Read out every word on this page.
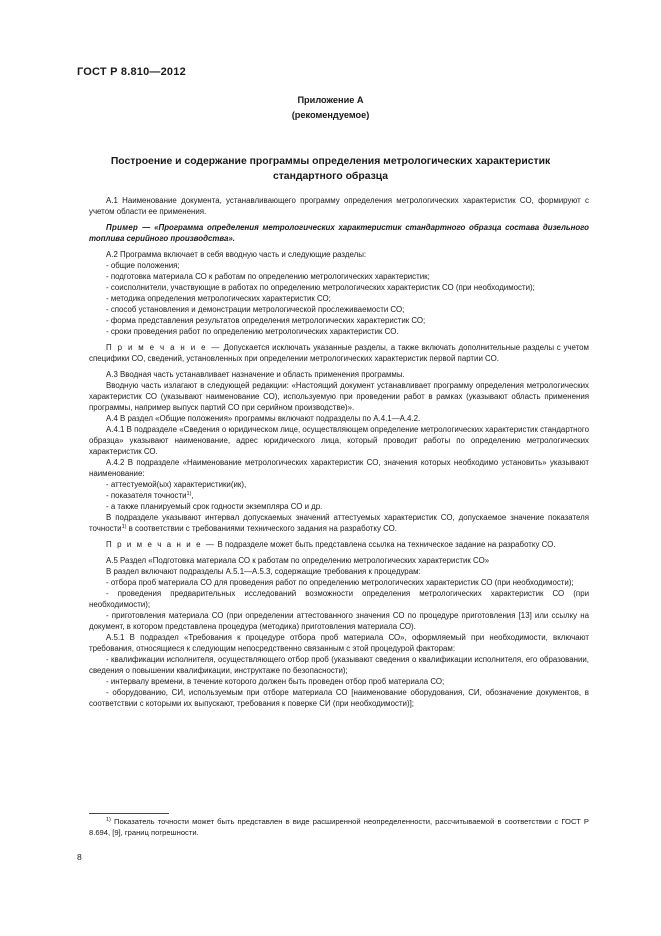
ГОСТ Р 8.810—2012
Приложение А
(рекомендуемое)
Построение и содержание программы определения метрологических характеристик стандартного образца

А.1 Наименование документа, устанавливающего программу определения метрологических характеристик СО, формируют с учетом области ее применения.

Пример — «Программа определения метрологических характеристик стандартного образца состава дизельного топлива серийного производства».

А.2 Программа включает в себя вводную часть и следующие разделы:

- общие положения;

- подготовка материала СО к работам по определению метрологических характеристик;

- соисполнители, участвующие в работах по определению метрологических характеристик СО (при необходимости);

- методика определения метрологических характеристик СО;

- способ установления и демонстрации метрологической прослеживаемости СО;

- форма представления результатов определения метрологических характеристик СО;

- сроки проведения работ по определению метрологических характеристик СО.

П р и м е ч а н и е — Допускается исключать указанные разделы, а также включать дополнительные разделы с учетом специфики СО, сведений, установленных при определении метрологических характеристик первой партии СО.

А.3 Вводная часть устанавливает назначение и область применения программы.

Вводную часть излагают в следующей редакции: «Настоящий документ устанавливает программу определения метрологических характеристик СО (указывают наименование СО), используемую при проведении работ в рамках (указывают область применения программы, например выпуск партий СО при серийном производстве)».

А.4 В раздел «Общие положения» программы включают подразделы по А.4.1—А.4.2.

А.4.1 В подразделе «Сведения о юридическом лице, осуществляющем определение метрологических характеристик стандартного образца» указывают наименование, адрес юридического лица, который проводит работы по определению метрологических характеристик СО.

А.4.2 В подразделе «Наименование метрологических характеристик СО, значения которых необходимо установить» указывают наименование:

- аттестуемой(ых) характеристики(ик),

- показателя точности$^{1)}$,

- а также планируемый срок годности экземпляра СО и др.

В подразделе указывают интервал допускаемых значений аттестуемых характеристик СО, допускаемое значение показателя точности$^{1)}$ в соответствии с требованиями технического задания на разработку СО.

П р и м е ч а н и е — В подразделе может быть представлена ссылка на техническое задание на разработку СО.

А.5 Раздел «Подготовка материала СО к работам по определению метрологических характеристик СО»

В раздел включают подразделы А.5.1—А.5.3, содержащие требования к процедурам:

- отбора проб материала СО для проведения работ по определению метрологических характеристик СО (при необходимости);

- проведения предварительных исследований возможности определения метрологических характеристик СО (при необходимости);

- приготовления материала СО (при определении аттестованного значения СО по процедуре приготовления [13] или ссылку на документ, в котором представлена процедура (методика) приготовления материала СО).

А.5.1 В подраздел «Требования к процедуре отбора проб материала СО», оформляемый при необходимости, включают требования, относящиеся к следующим непосредственно связанным с этой процедурой факторам:

- квалификации исполнителя, осуществляющего отбор проб (указывают сведения о квалификации исполнителя, его образовании, сведения о повышении квалификации, инструктаже по безопасности);

- интервалу времени, в течение которого должен быть проведен отбор проб материала СО;

- оборудованию, СИ, используемым при отборе материала СО [наименование оборудования, СИ, обозначение документов, в соответствии с которыми их выпускают, требования к поверке СИ (при необходимости)];

$^{1)}$ Показатель точности может быть представлен в виде расширенной неопределенности, рассчитываемой в соответствии с ГОСТ Р 8.694, [9], границ погрешности.
8
